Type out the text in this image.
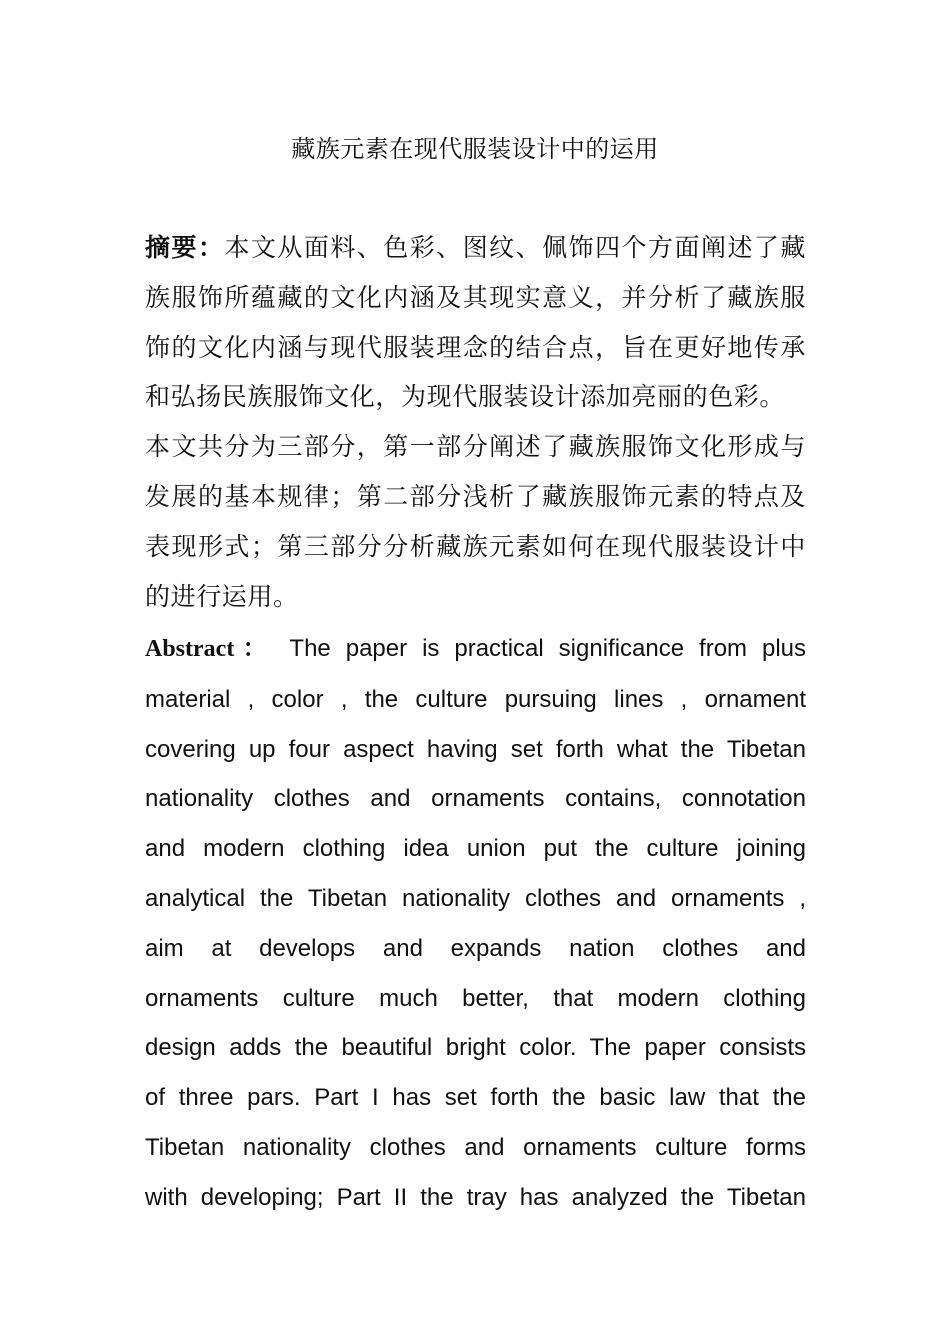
藏族元素在现代服装设计中的运用

摘要：本文从面料、色彩、图纹、佩饰四个方面阐述了藏族服饰所蕴藏的文化内涵及其现实意义，并分析了藏族服饰的文化内涵与现代服装理念的结合点，旨在更好地传承和弘扬民族服饰文化，为现代服装设计添加亮丽的色彩。

本文共分为三部分，第一部分阐述了藏族服饰文化形成与发展的基本规律；第二部分浅析了藏族服饰元素的特点及表现形式；第三部分分析藏族元素如何在现代服装设计中的进行运用。

Abstract： The paper is practical significance from plus
material , color , the culture pursuing lines , ornament
covering up four aspect having set forth what the Tibetan
nationality clothes and ornaments contains, connotation
and modern clothing idea union put the culture joining
analytical the Tibetan nationality clothes and ornaments ,
aim at develops and expands nation clothes and
ornaments culture much better, that modern clothing
design adds the beautiful bright color. The paper consists
of three pars. Part I has set forth the basic law that the
Tibetan nationality clothes and ornaments culture forms
with developing; Part II the tray has analyzed the Tibetan
